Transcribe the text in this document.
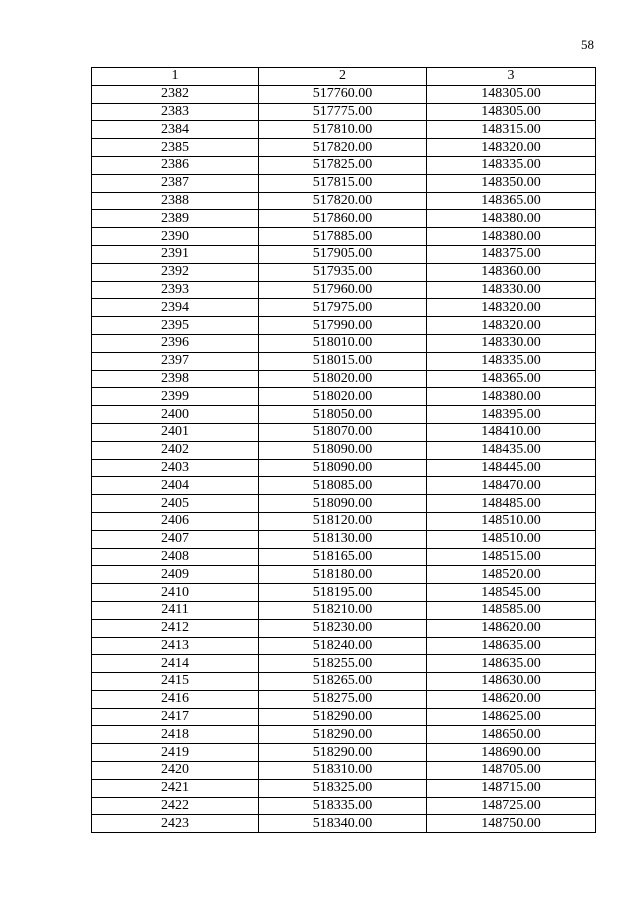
58
1	2	3
2382	517760.00	148305.00
2383	517775.00	148305.00
2384	517810.00	148315.00
2385	517820.00	148320.00
2386	517825.00	148335.00
2387	517815.00	148350.00
2388	517820.00	148365.00
2389	517860.00	148380.00
2390	517885.00	148380.00
2391	517905.00	148375.00
2392	517935.00	148360.00
2393	517960.00	148330.00
2394	517975.00	148320.00
2395	517990.00	148320.00
2396	518010.00	148330.00
2397	518015.00	148335.00
2398	518020.00	148365.00
2399	518020.00	148380.00
2400	518050.00	148395.00
2401	518070.00	148410.00
2402	518090.00	148435.00
2403	518090.00	148445.00
2404	518085.00	148470.00
2405	518090.00	148485.00
2406	518120.00	148510.00
2407	518130.00	148510.00
2408	518165.00	148515.00
2409	518180.00	148520.00
2410	518195.00	148545.00
2411	518210.00	148585.00
2412	518230.00	148620.00
2413	518240.00	148635.00
2414	518255.00	148635.00
2415	518265.00	148630.00
2416	518275.00	148620.00
2417	518290.00	148625.00
2418	518290.00	148650.00
2419	518290.00	148690.00
2420	518310.00	148705.00
2421	518325.00	148715.00
2422	518335.00	148725.00
2423	518340.00	148750.00
